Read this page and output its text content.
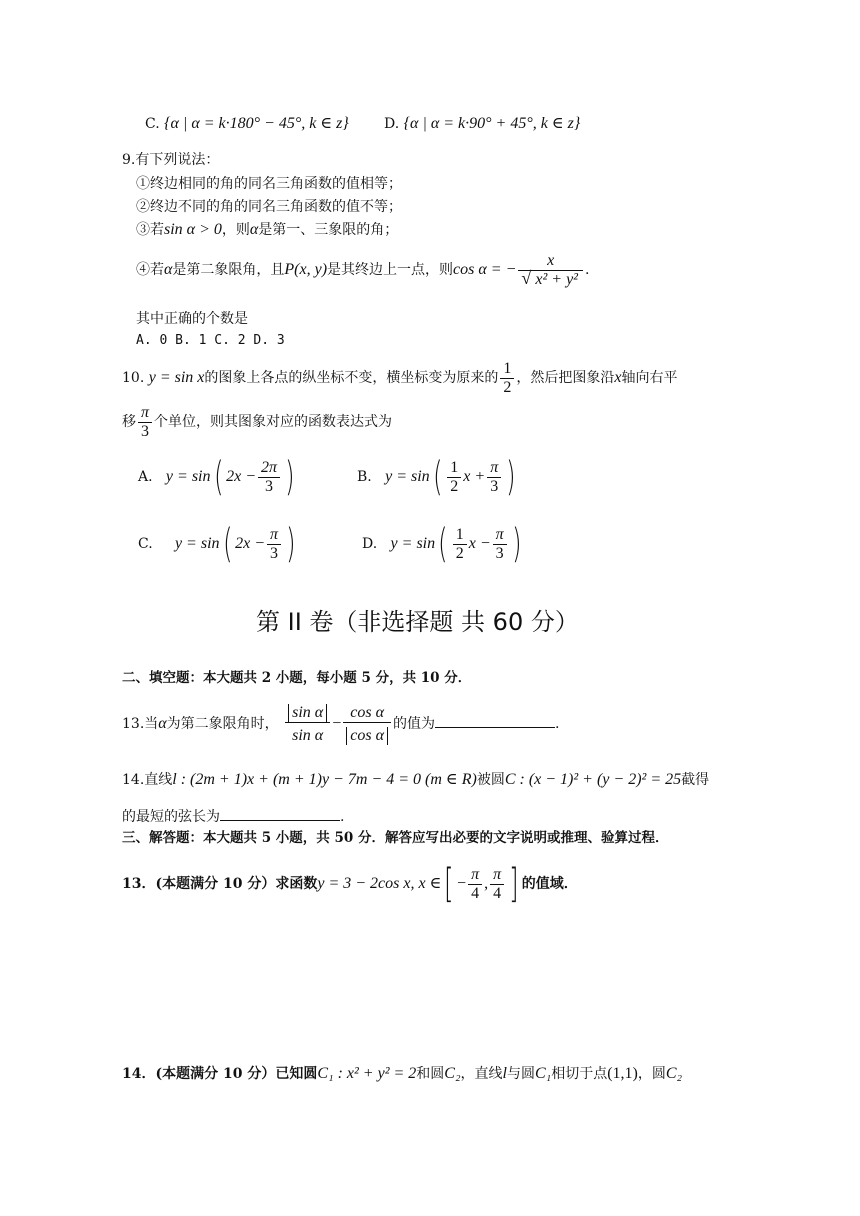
C. {α | α = k·180° − 45°, k ∈ z}	D. {α | α = k·90° + 45°, k ∈ z}
9.有下列说法：
①终边相同的角的同名三角函数的值相等；
②终边不同的角的同名三角函数的值不等；
③若sin α > 0，则α是第一、三象限的角；
④若α是第二象限角，且P(x, y)是其终边上一点，则cos α = − $\frac{x}{\text{√ x² + y²}}$ .
其中正确的个数是
A. 0 B. 1 C. 2 D. 3
10. y = sin x的图象上各点的纵坐标不变，横坐标变为原来的 $\frac{1}{2}$ ，然后把图象沿x轴向右平
移 $\frac{\pi}{3}$ 个单位，则其图象对应的函数表达式为
A. y = sin( $2x - \frac{2\pi}{3}$ )	B. $y = \sin( \frac{1}{2}$ $x + \frac{\pi}{3}$ )
C. y = sin( $2x - \frac{\pi}{3}$ )	D. $y = \sin( \frac{1}{2}$ $x - \frac{\pi}{3}$ )
第 II 卷（非选择题 共 60 分）
二、填空题：本大题共 2 小题，每小题 5 分，共 10 分．
13.当α为第二象限角时， $\frac{\text{sin α}}{\text{sin α}} - \frac{\text{cos α}}{\text{cos α}}$ 的值为	.
14.直线l : (2m + 1)x + (m + 1)y − 7m − 4 = 0 (m ∈ R)被圆C : (x − 1)² + (y − 2)² = 25截得
的最短的弦长为	.
三、解答题：本大题共 5 小题，共 50 分．解答应写出必要的文字说明或推理、验算过程．
13．(本题满分 10 分）求函数y = 3 − 2cos x, x ∈[ − $\frac{\pi}{4}$ , $\frac{\pi}{4}$ ] 的值域．
14．(本题满分 10 分）已知圆C₁ : x² + y² = 2和圆C₂，直线l与圆C₁相切于点(1,1)，圆C₂
